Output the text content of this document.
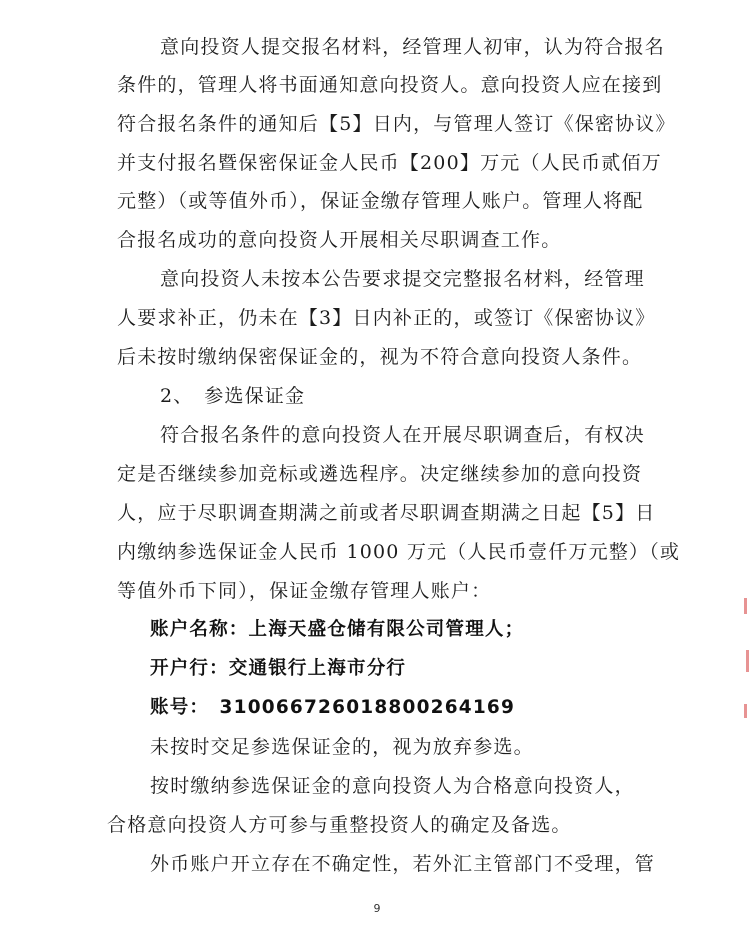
意向投资人提交报名材料，经管理人初审，认为符合报名
条件的，管理人将书面通知意向投资人。意向投资人应在接到
符合报名条件的通知后【5】日内，与管理人签订《保密协议》
并支付报名暨保密保证金人民币【200】万元（人民币贰佰万
元整）（或等值外币），保证金缴存管理人账户。管理人将配
合报名成功的意向投资人开展相关尽职调查工作。
意向投资人未按本公告要求提交完整报名材料，经管理
人要求补正，仍未在【3】日内补正的，或签订《保密协议》
后未按时缴纳保密保证金的，视为不符合意向投资人条件。
2、　参选保证金
符合报名条件的意向投资人在开展尽职调查后，有权决
定是否继续参加竞标或遴选程序。决定继续参加的意向投资
人，应于尽职调查期满之前或者尽职调查期满之日起【5】日
内缴纳参选保证金人民币 1000 万元（人民币壹仟万元整）（或
等值外币下同），保证金缴存管理人账户：
账户名称：上海天盛仓储有限公司管理人；
开户行：交通银行上海市分行
账号：　31006672601880026416​9
未按时交足参选保证金的，视为放弃参选。
按时缴纳参选保证金的意向投资人为合格意向投资人，
合格意向投资人方可参与重整投资人的确定及备选。
外币账户开立存在不确定性，若外汇主管部门不受理，管
9
